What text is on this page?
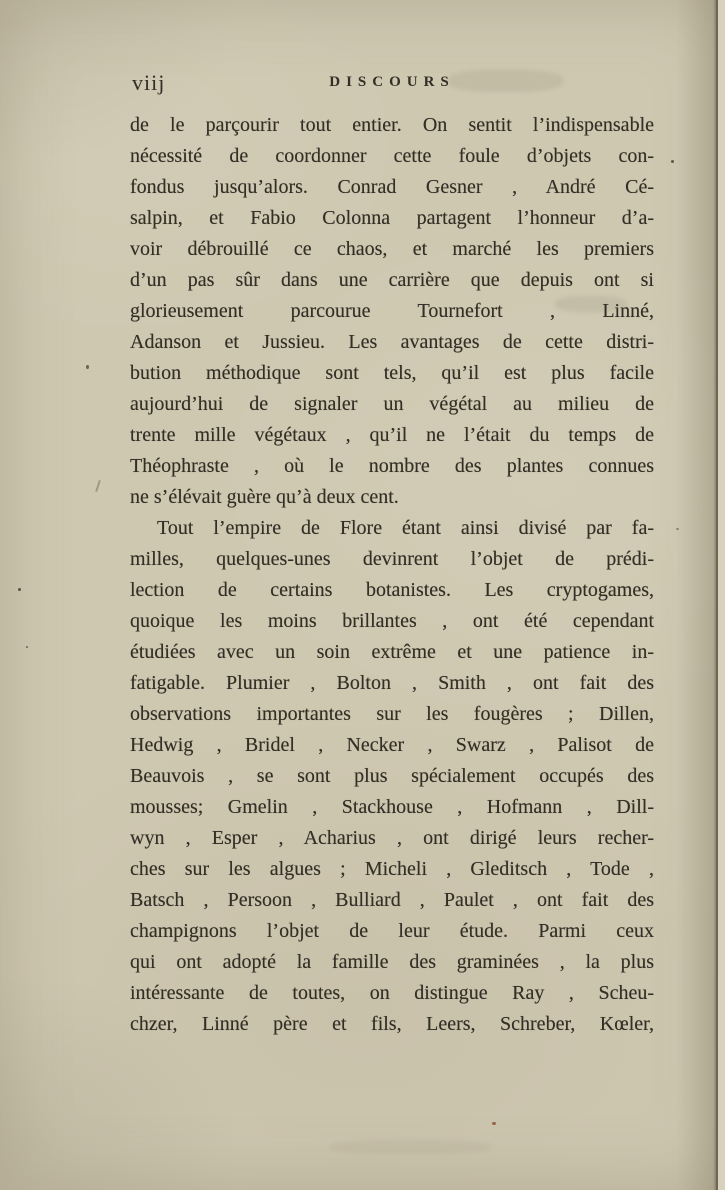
viij	DISCOURS
de le parçourir tout entier. On sentit l’indispensable
nécessité de coordonner cette foule d’objets con-
fondus jusqu’alors. Conrad Gesner , André Cé-
salpin, et Fabio Colonna partagent l’honneur d’a-
voir débrouillé ce chaos, et marché les premiers
d’un pas sûr dans une carrière que depuis ont si
glorieusement parcourue Tournefort , Linné,
Adanson et Jussieu. Les avantages de cette distri-
bution méthodique sont tels, qu’il est plus facile
aujourd’hui de signaler un végétal au milieu de
trente mille végétaux , qu’il ne l’était du temps de
Théophraste , où le nombre des plantes connues
ne s’élévait guère qu’à deux cent.
Tout l’empire de Flore étant ainsi divisé par fa-
milles, quelques-unes devinrent l’objet de prédi-
lection de certains botanistes. Les cryptogames,
quoique les moins brillantes , ont été cependant
étudiées avec un soin extrême et une patience in-
fatigable. Plumier , Bolton , Smith , ont fait des
observations importantes sur les fougères ; Dillen,
Hedwig , Bridel , Necker , Swarz , Palisot de
Beauvois , se sont plus spécialement occupés des
mousses; Gmelin , Stackhouse , Hofmann , Dill-
wyn , Esper , Acharius , ont dirigé leurs recher-
ches sur les algues ; Micheli , Gleditsch , Tode ,
Batsch , Persoon , Bulliard , Paulet , ont fait des
champignons l’objet de leur étude. Parmi ceux
qui ont adopté la famille des graminées , la plus
intéressante de toutes, on distingue Ray , Scheu-
chzer, Linné père et fils, Leers, Schreber, Kœler,
